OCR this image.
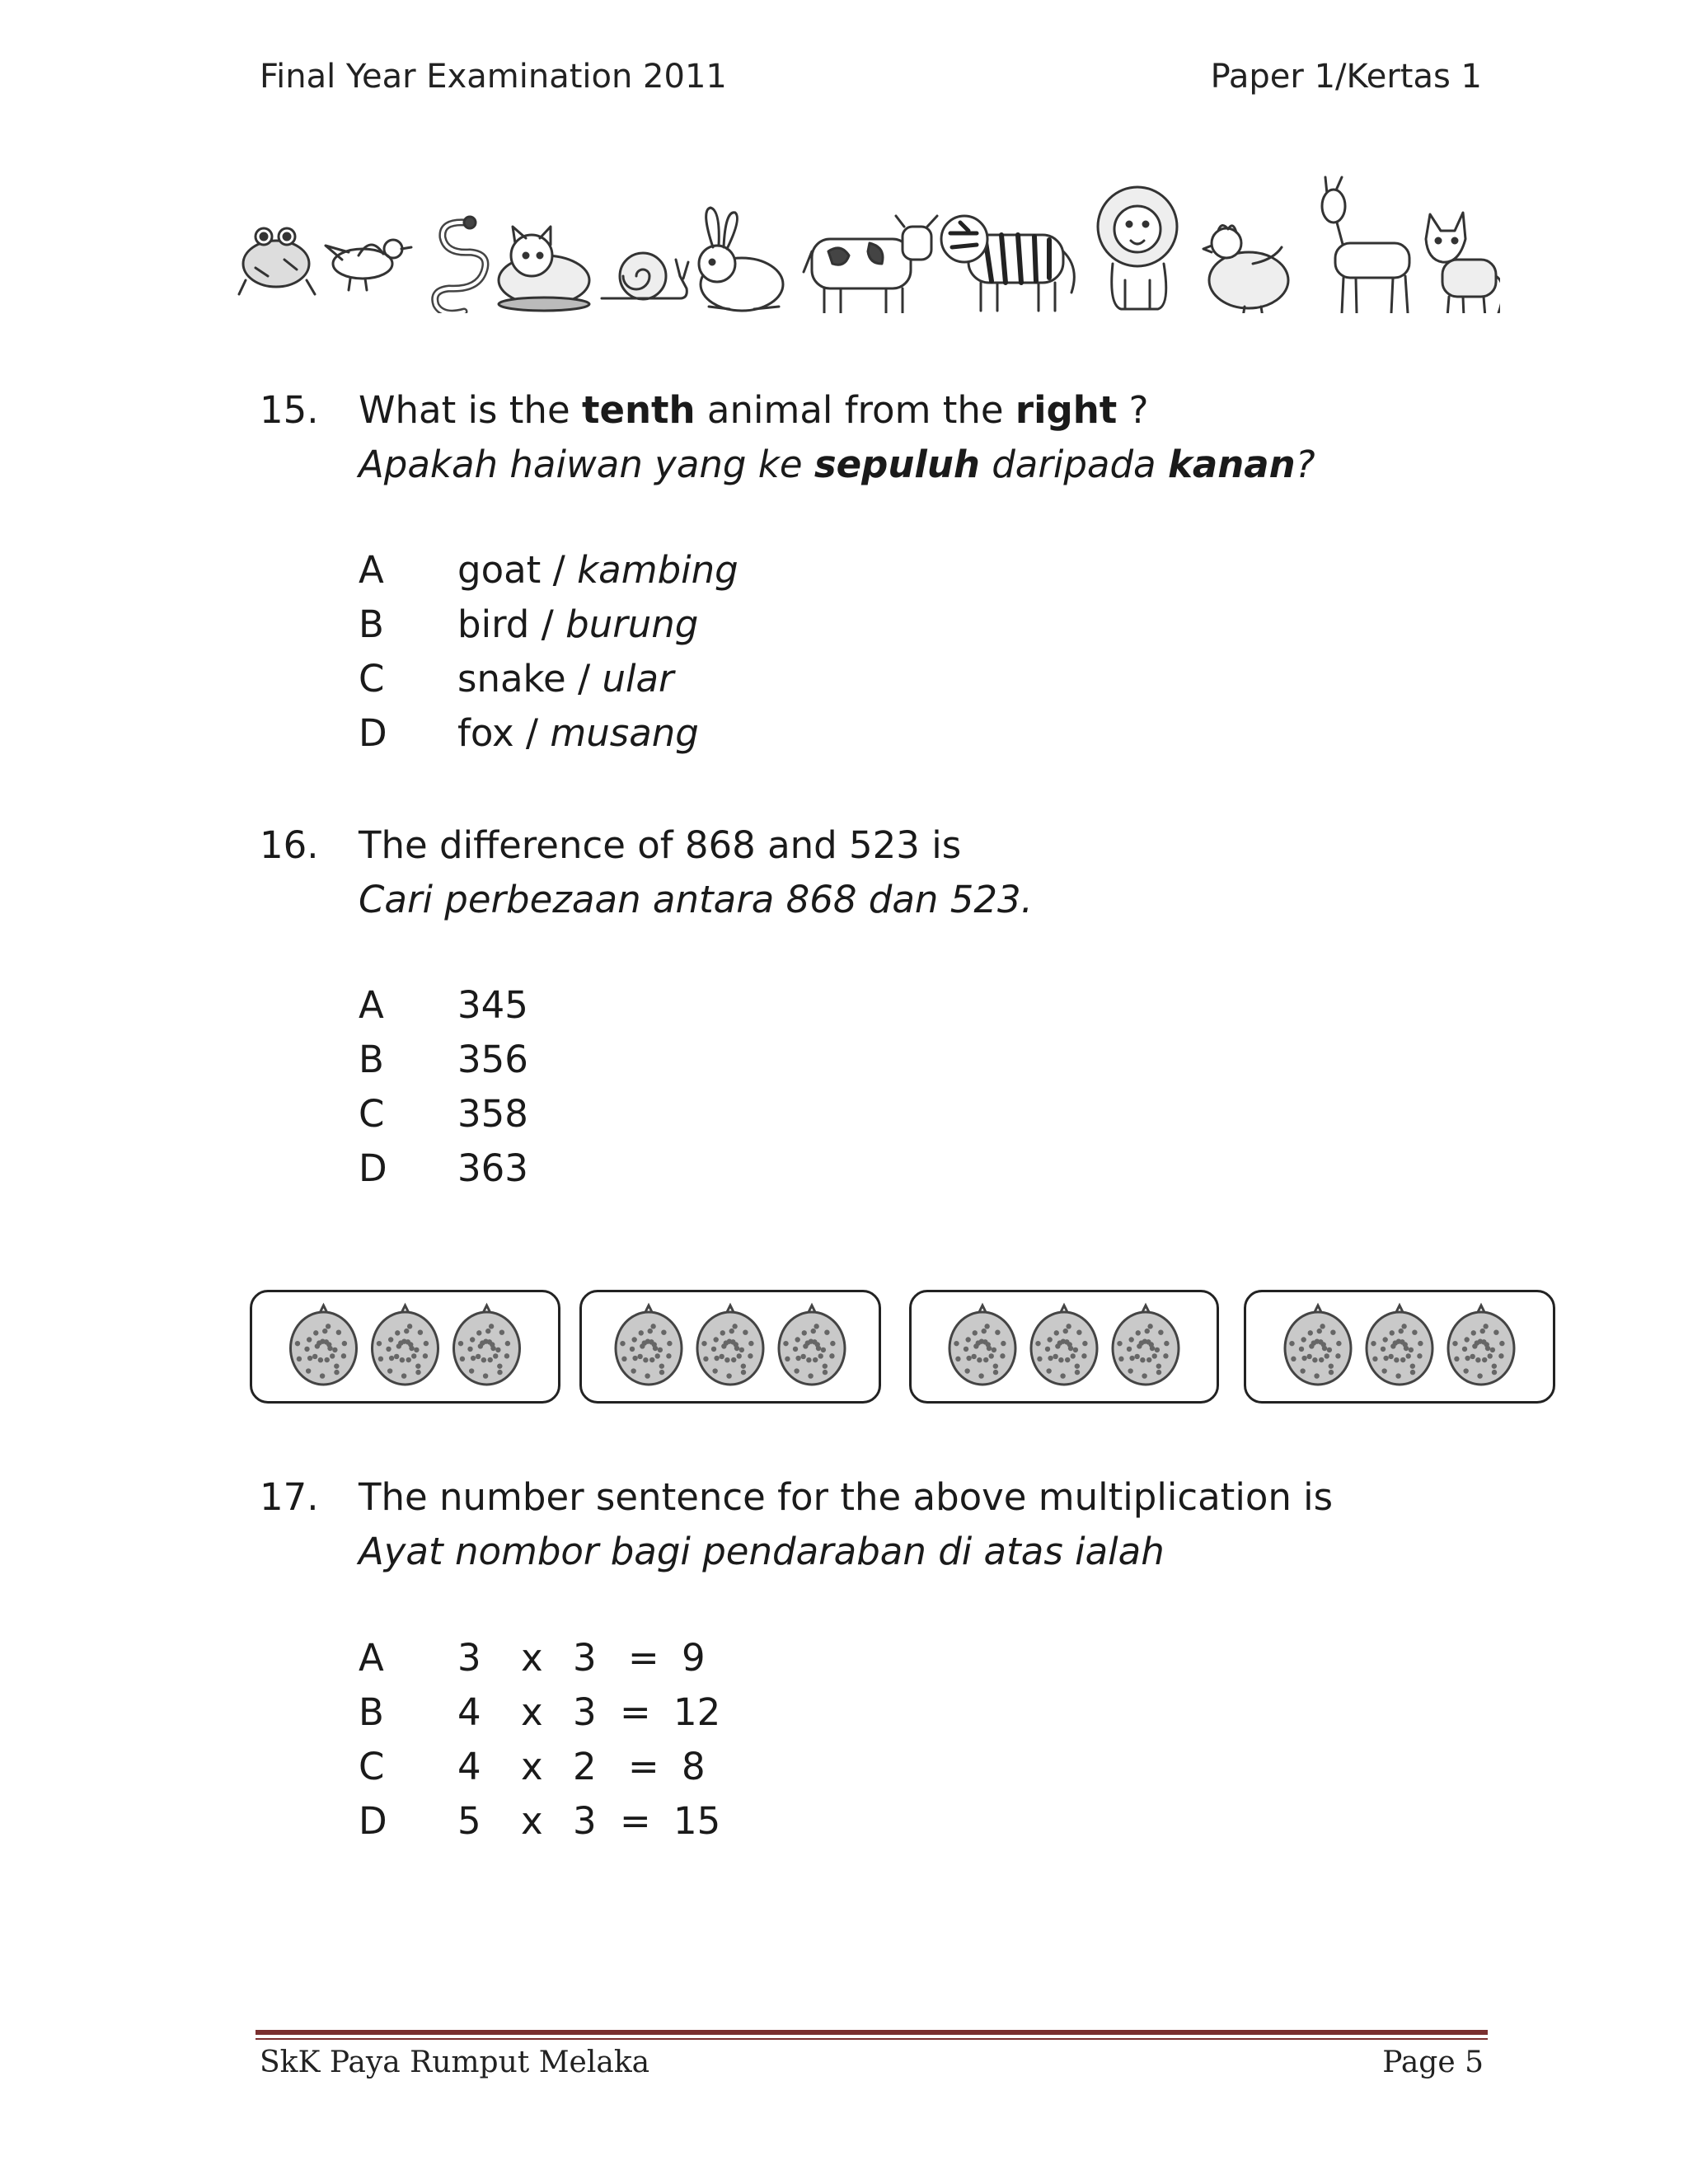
Final Year Examination 2011	Paper 1/Kertas 1
15.	What is the tenth animal from the right ?
Apakah haiwan yang ke sepuluh daripada kanan?
A goat / kambing
B bird / burung
C snake / ular
D fox / musang
16.	The difference of 868 and 523 is
Cari perbezaan antara 868 dan 523.
A 345
B 356
C 358
D 363
17.	The number sentence for the above multiplication is
Ayat nombor bagi pendaraban di atas ialah
A 3 x 3 = 9
B 4 x 3 = 12
C 4 x 2 = 8
D 5 x 3 = 15
SkK Paya Rumput Melaka	Page 5
